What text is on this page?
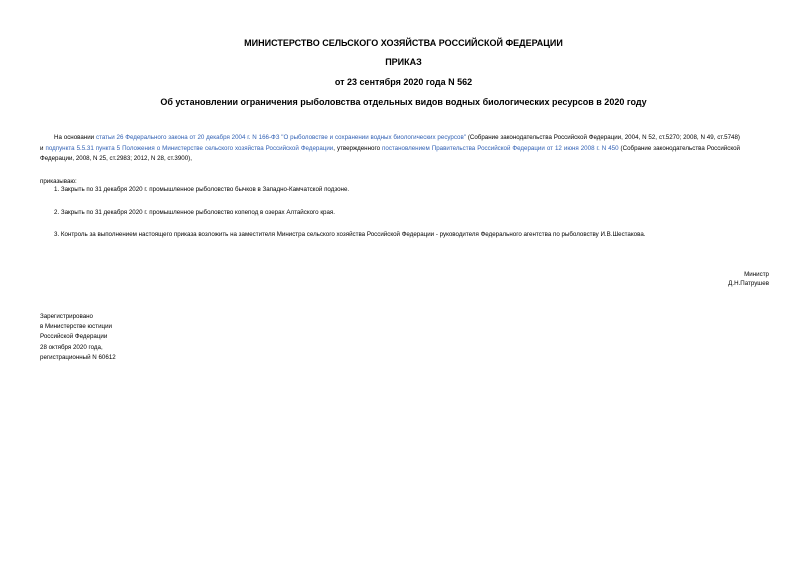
МИНИСТЕРСТВО СЕЛЬСКОГО ХОЗЯЙСТВА РОССИЙСКОЙ ФЕДЕРАЦИИ
ПРИКАЗ
от 23 сентября 2020 года N 562
Об установлении ограничения рыболовства отдельных видов водных биологических ресурсов в 2020 году
На основании статьи 26 Федерального закона от 20 декабря 2004 г. N 166-ФЗ "О рыболовстве и сохранении водных биологических ресурсов" (Собрание законодательства Российской Федерации, 2004, N 52, ст.5270; 2008, N 49, ст.5748) и подпункта 5.5.31 пункта 5 Положения о Министерстве сельского хозяйства Российской Федерации, утвержденного постановлением Правительства Российской Федерации от 12 июня 2008 г. N 450 (Собрание законодательства Российской Федерации, 2008, N 25, ст.2983; 2012, N 28, ст.3900),
приказываю:
1. Закрыть по 31 декабря 2020 г. промышленное рыболовство бычков в Западно-Камчатской подзоне.
2. Закрыть по 31 декабря 2020 г. промышленное рыболовство копепод в озерах Алтайского края.
3. Контроль за выполнением настоящего приказа возложить на заместителя Министра сельского хозяйства Российской Федерации - руководителя Федерального агентства по рыболовству И.В.Шестакова.
Министр
Д.Н.Патрушев
Зарегистрировано
в Министерстве юстиции
Российской Федерации
28 октября 2020 года,
регистрационный N 60612
